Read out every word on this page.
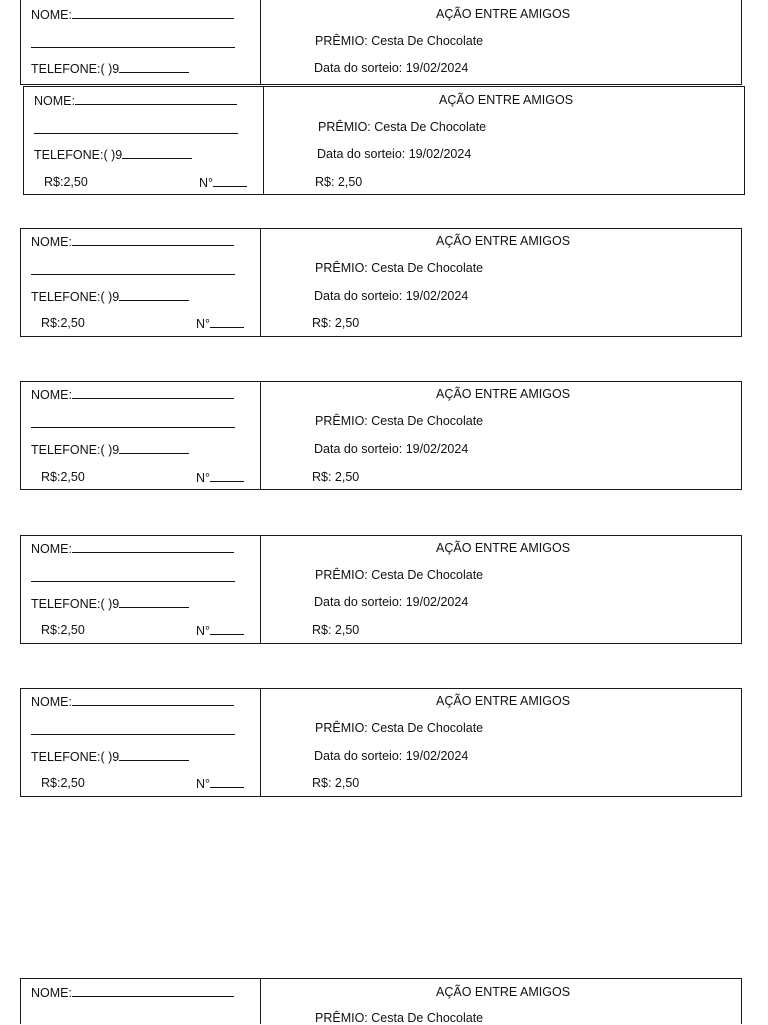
NOME:
TELEFONE:( )9
AÇÃO ENTRE AMIGOS
PRÊMIO: Cesta De Chocolate
Data do sorteio: 19/02/2024
NOME:
TELEFONE:( )9
R$:2,50	N°
AÇÃO ENTRE AMIGOS
PRÊMIO: Cesta De Chocolate
Data do sorteio: 19/02/2024
R$: 2,50
NOME:
TELEFONE:( )9
R$:2,50	N°
AÇÃO ENTRE AMIGOS
PRÊMIO: Cesta De Chocolate
Data do sorteio: 19/02/2024
R$: 2,50
NOME:
TELEFONE:( )9
R$:2,50	N°
AÇÃO ENTRE AMIGOS
PRÊMIO: Cesta De Chocolate
Data do sorteio: 19/02/2024
R$: 2,50
NOME:
TELEFONE:( )9
R$:2,50	N°
AÇÃO ENTRE AMIGOS
PRÊMIO: Cesta De Chocolate
Data do sorteio: 19/02/2024
R$: 2,50
NOME:
TELEFONE:( )9
R$:2,50	N°
AÇÃO ENTRE AMIGOS
PRÊMIO: Cesta De Chocolate
Data do sorteio: 19/02/2024
R$: 2,50
NOME:	AÇÃO ENTRE AMIGOS
PRÊMIO: Cesta De Chocolate
